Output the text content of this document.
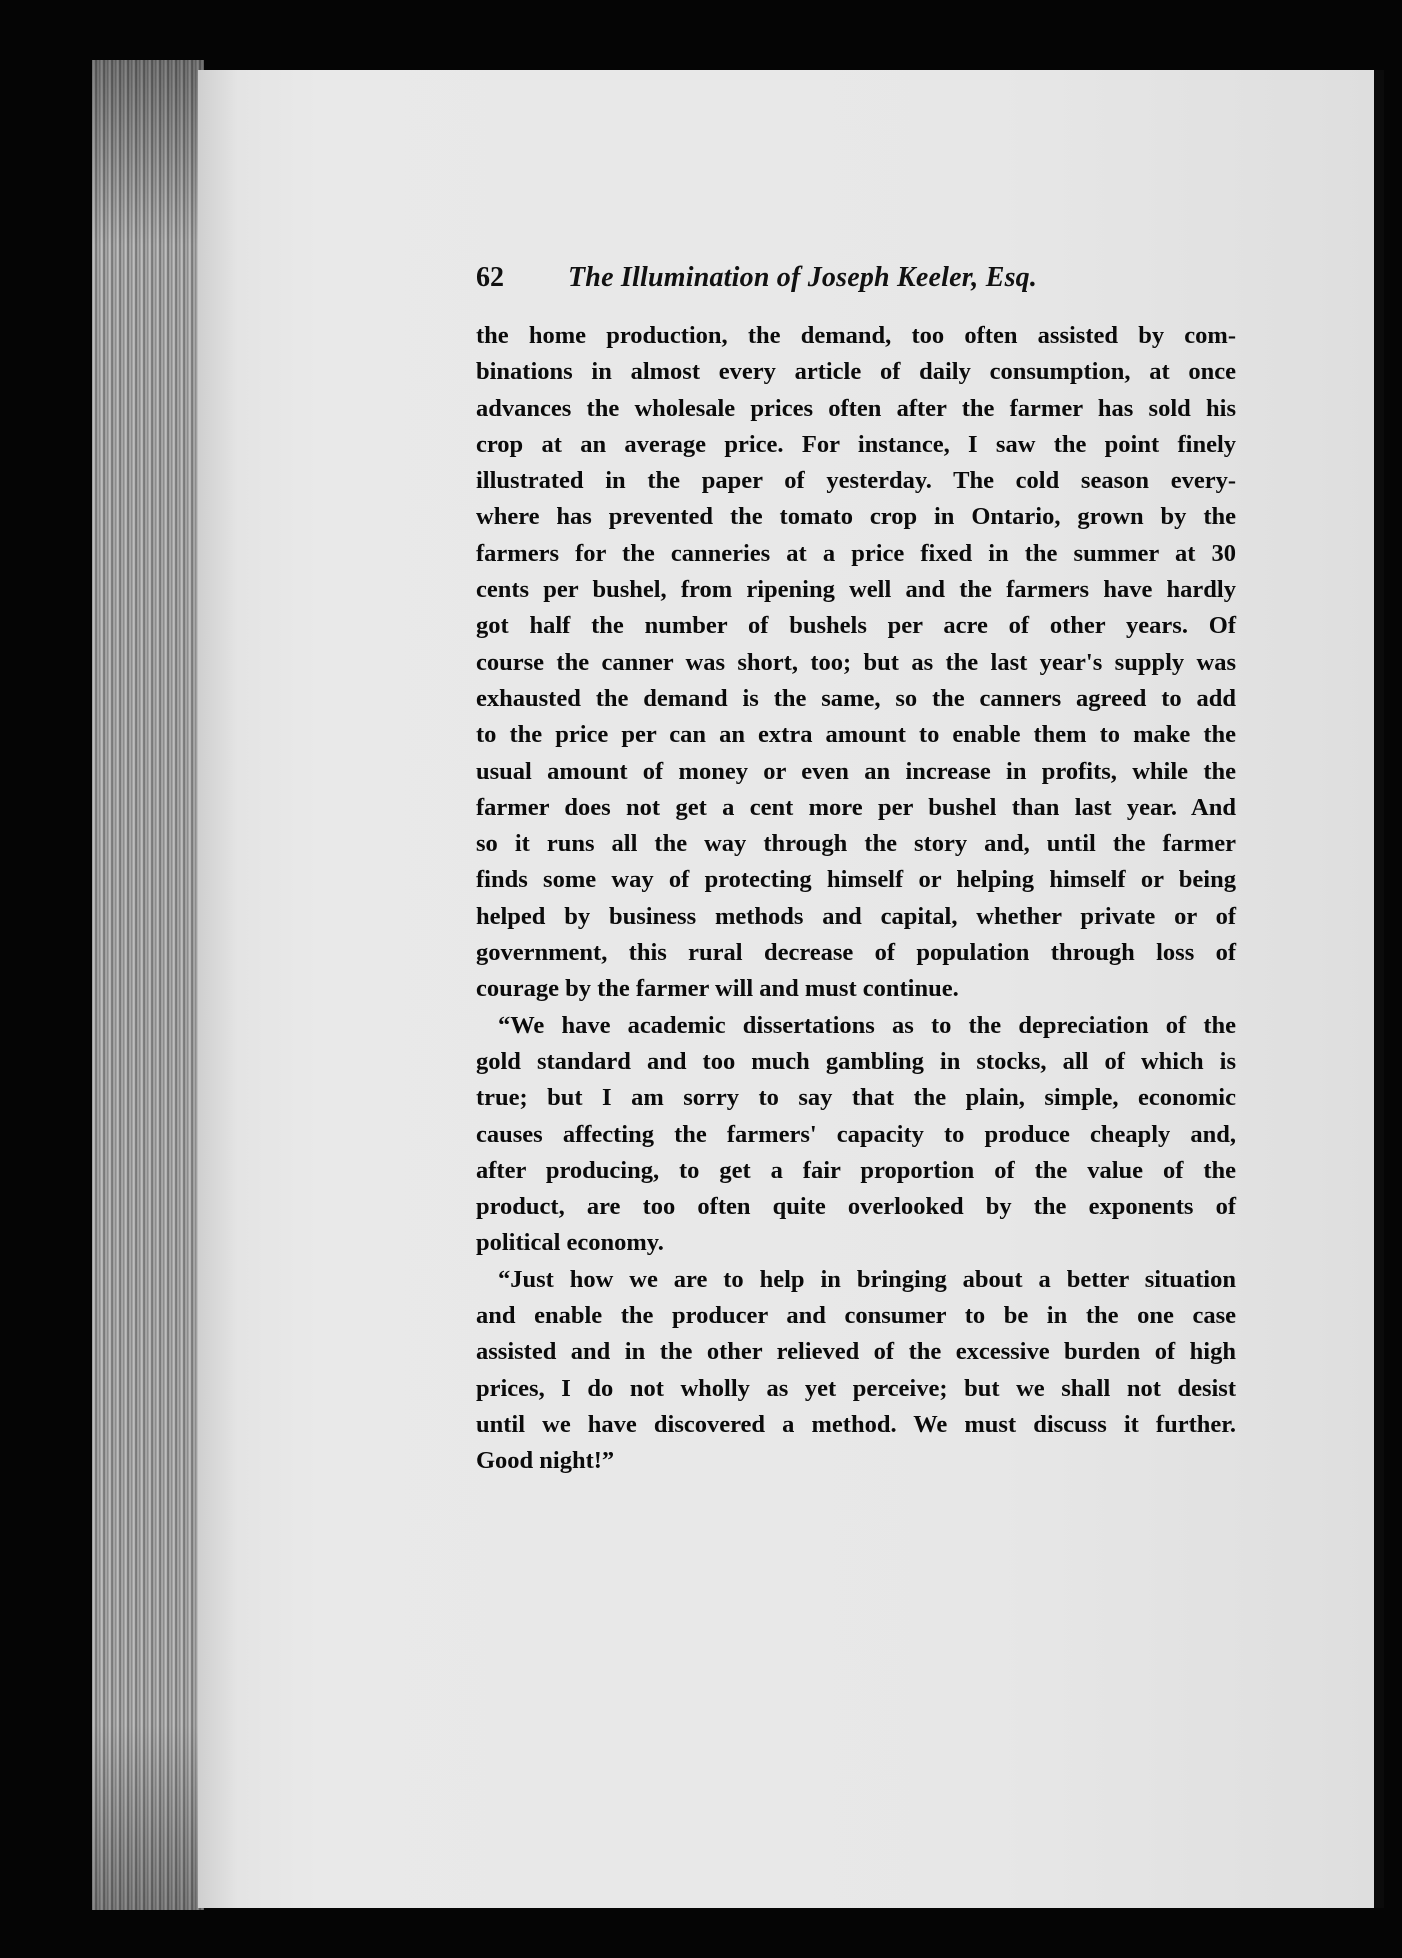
62	The Illumination of Joseph Keeler, Esq.
the home production, the demand, too often assisted by com-
binations in almost every article of daily consumption, at once
advances the wholesale prices often after the farmer has sold his
crop at an average price. For instance, I saw the point finely
illustrated in the paper of yesterday. The cold season every-
where has prevented the tomato crop in Ontario, grown by the
farmers for the canneries at a price fixed in the summer at 30
cents per bushel, from ripening well and the farmers have hardly
got half the number of bushels per acre of other years. Of
course the canner was short, too; but as the last year's supply was
exhausted the demand is the same, so the canners agreed to add
to the price per can an extra amount to enable them to make the
usual amount of money or even an increase in profits, while the
farmer does not get a cent more per bushel than last year. And
so it runs all the way through the story and, until the farmer
finds some way of protecting himself or helping himself or being
helped by business methods and capital, whether private or of
government, this rural decrease of population through loss of
courage by the farmer will and must continue.
“We have academic dissertations as to the depreciation of the
gold standard and too much gambling in stocks, all of which is
true; but I am sorry to say that the plain, simple, economic
causes affecting the farmers' capacity to produce cheaply and,
after producing, to get a fair proportion of the value of the
product, are too often quite overlooked by the exponents of
political economy.
“Just how we are to help in bringing about a better situation
and enable the producer and consumer to be in the one case
assisted and in the other relieved of the excessive burden of high
prices, I do not wholly as yet perceive; but we shall not desist
until we have discovered a method. We must discuss it further.
Good night!”
